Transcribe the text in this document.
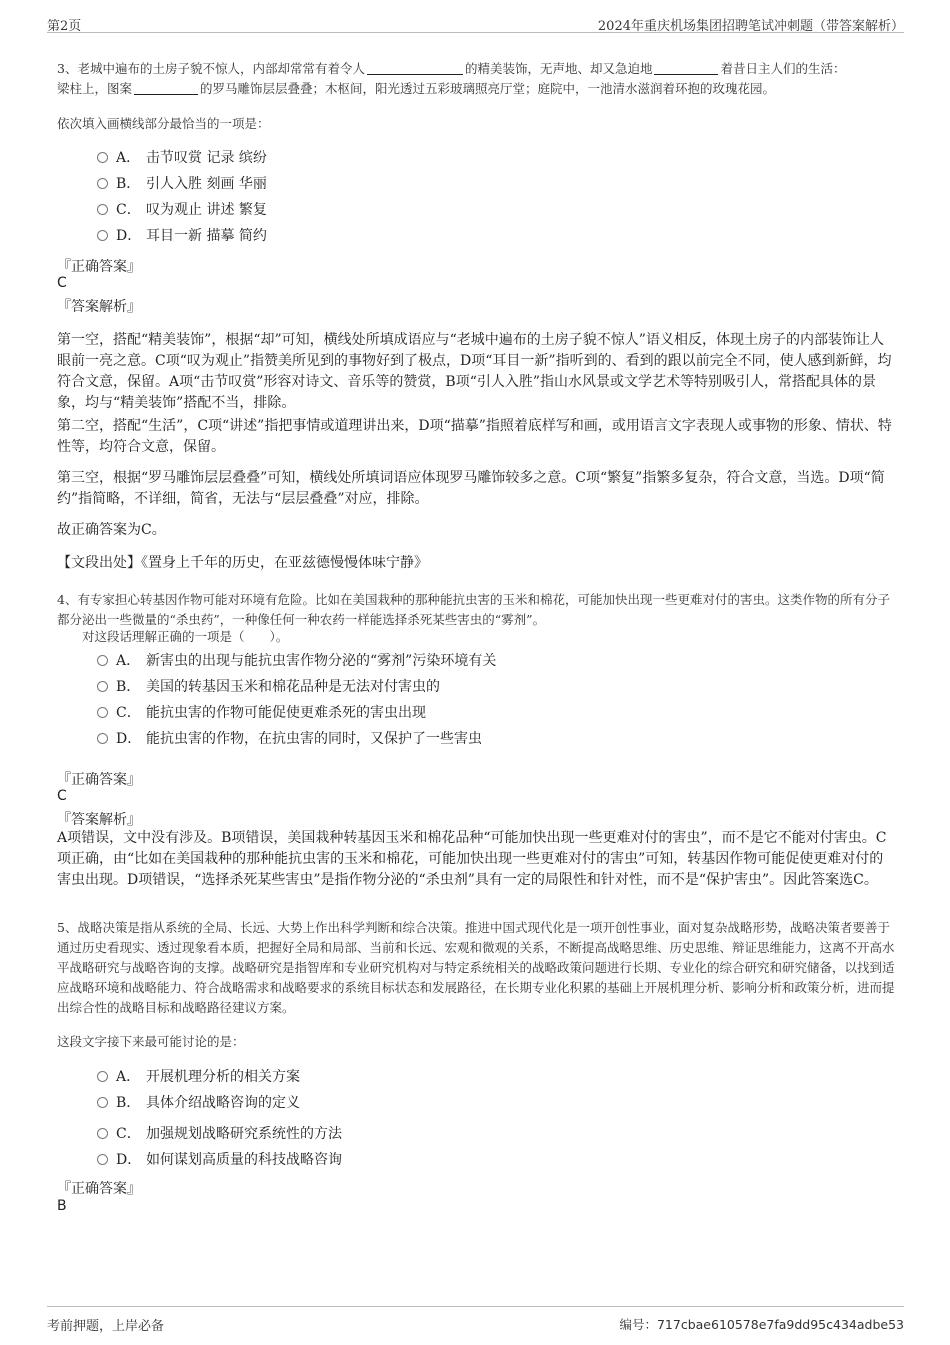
第2页	2024年重庆机场集团招聘笔试冲刺题（带答案解析）
3、老城中遍布的土房子貌不惊人，内部却常常有着令人	的精美装饰，无声地、却又急迫地	着昔日主人们的生活：
梁柱上，图案	的罗马雕饰层层叠叠；木枢间，阳光透过五彩玻璃照亮厅堂；庭院中，一池清水滋润着环抱的玫瑰花园。
依次填入画横线部分最恰当的一项是：
A． 击节叹赏 记录 缤纷
B． 引人入胜 刻画 华丽
C． 叹为观止 讲述 繁复
D． 耳目一新 描摹 简约
『正确答案』
C
『答案解析』
第一空，搭配“精美装饰”，根据“却”可知，横线处所填成语应与“老城中遍布的土房子貌不惊人”语义相反，体现土房子的内部装饰让人眼前一亮之意。C项“叹为观止”指赞美所见到的事物好到了极点，D项“耳目一新”指听到的、看到的跟以前完全不同，使人感到新鲜，均符合文意，保留。A项“击节叹赏”形容对诗文、音乐等的赞赏，B项“引人入胜”指山水风景或文学艺术等特别吸引人，常搭配具体的景象，均与“精美装饰”搭配不当，排除。
第二空，搭配“生活”，C项“讲述”指把事情或道理讲出来，D项“描摹”指照着底样写和画，或用语言文字表现人或事物的形象、情状、特性等，均符合文意，保留。
第三空，根据“罗马雕饰层层叠叠”可知，横线处所填词语应体现罗马雕饰较多之意。C项“繁复”指繁多复杂，符合文意，当选。D项“简约”指简略，不详细，简省，无法与“层层叠叠”对应，排除。
故正确答案为C。
【文段出处】《置身上千年的历史，在亚兹德慢慢体味宁静》
4、有专家担心转基因作物可能对环境有危险。比如在美国栽种的那种能抗虫害的玉米和棉花，可能加快出现一些更难对付的害虫。这类作物的所有分子都分泌出一些微量的“杀虫药”，一种像任何一种农药一样能选择杀死某些害虫的“雾剂”。
对这段话理解正确的一项是（　　）。
A． 新害虫的出现与能抗虫害作物分泌的“雾剂”污染环境有关
B． 美国的转基因玉米和棉花品种是无法对付害虫的
C． 能抗虫害的作物可能促使更难杀死的害虫出现
D． 能抗虫害的作物，在抗虫害的同时，又保护了一些害虫
『正确答案』
C
『答案解析』
A项错误，文中没有涉及。B项错误，美国栽种转基因玉米和棉花品种“可能加快出现一些更难对付的害虫”，而不是它不能对付害虫。C项正确，由“比如在美国栽种的那种能抗虫害的玉米和棉花，可能加快出现一些更难对付的害虫”可知，转基因作物可能促使更难对付的害虫出现。D项错误，“选择杀死某些害虫”是指作物分泌的“杀虫剂”具有一定的局限性和针对性，而不是“保护害虫”。因此答案选C。
5、战略决策是指从系统的全局、长远、大势上作出科学判断和综合决策。推进中国式现代化是一项开创性事业，面对复杂战略形势，战略决策者要善于通过历史看现实、透过现象看本质，把握好全局和局部、当前和长远、宏观和微观的关系，不断提高战略思维、历史思维、辩证思维能力，这离不开高水平战略研究与战略咨询的支撑。战略研究是指智库和专业研究机构对与特定系统相关的战略政策问题进行长期、专业化的综合研究和研究储备，以找到适应战略环境和战略能力、符合战略需求和战略要求的系统目标状态和发展路径，在长期专业化积累的基础上开展机理分析、影响分析和政策分析，进而提出综合性的战略目标和战略路径建议方案。
这段文字接下来最可能讨论的是：
A． 开展机理分析的相关方案
B． 具体介绍战略咨询的定义
C． 加强规划战略研究系统性的方法
D． 如何谋划高质量的科技战略咨询
『正确答案』
B
考前押题，上岸必备	编号：717cbae610578e7fa9dd95c434adbe53
